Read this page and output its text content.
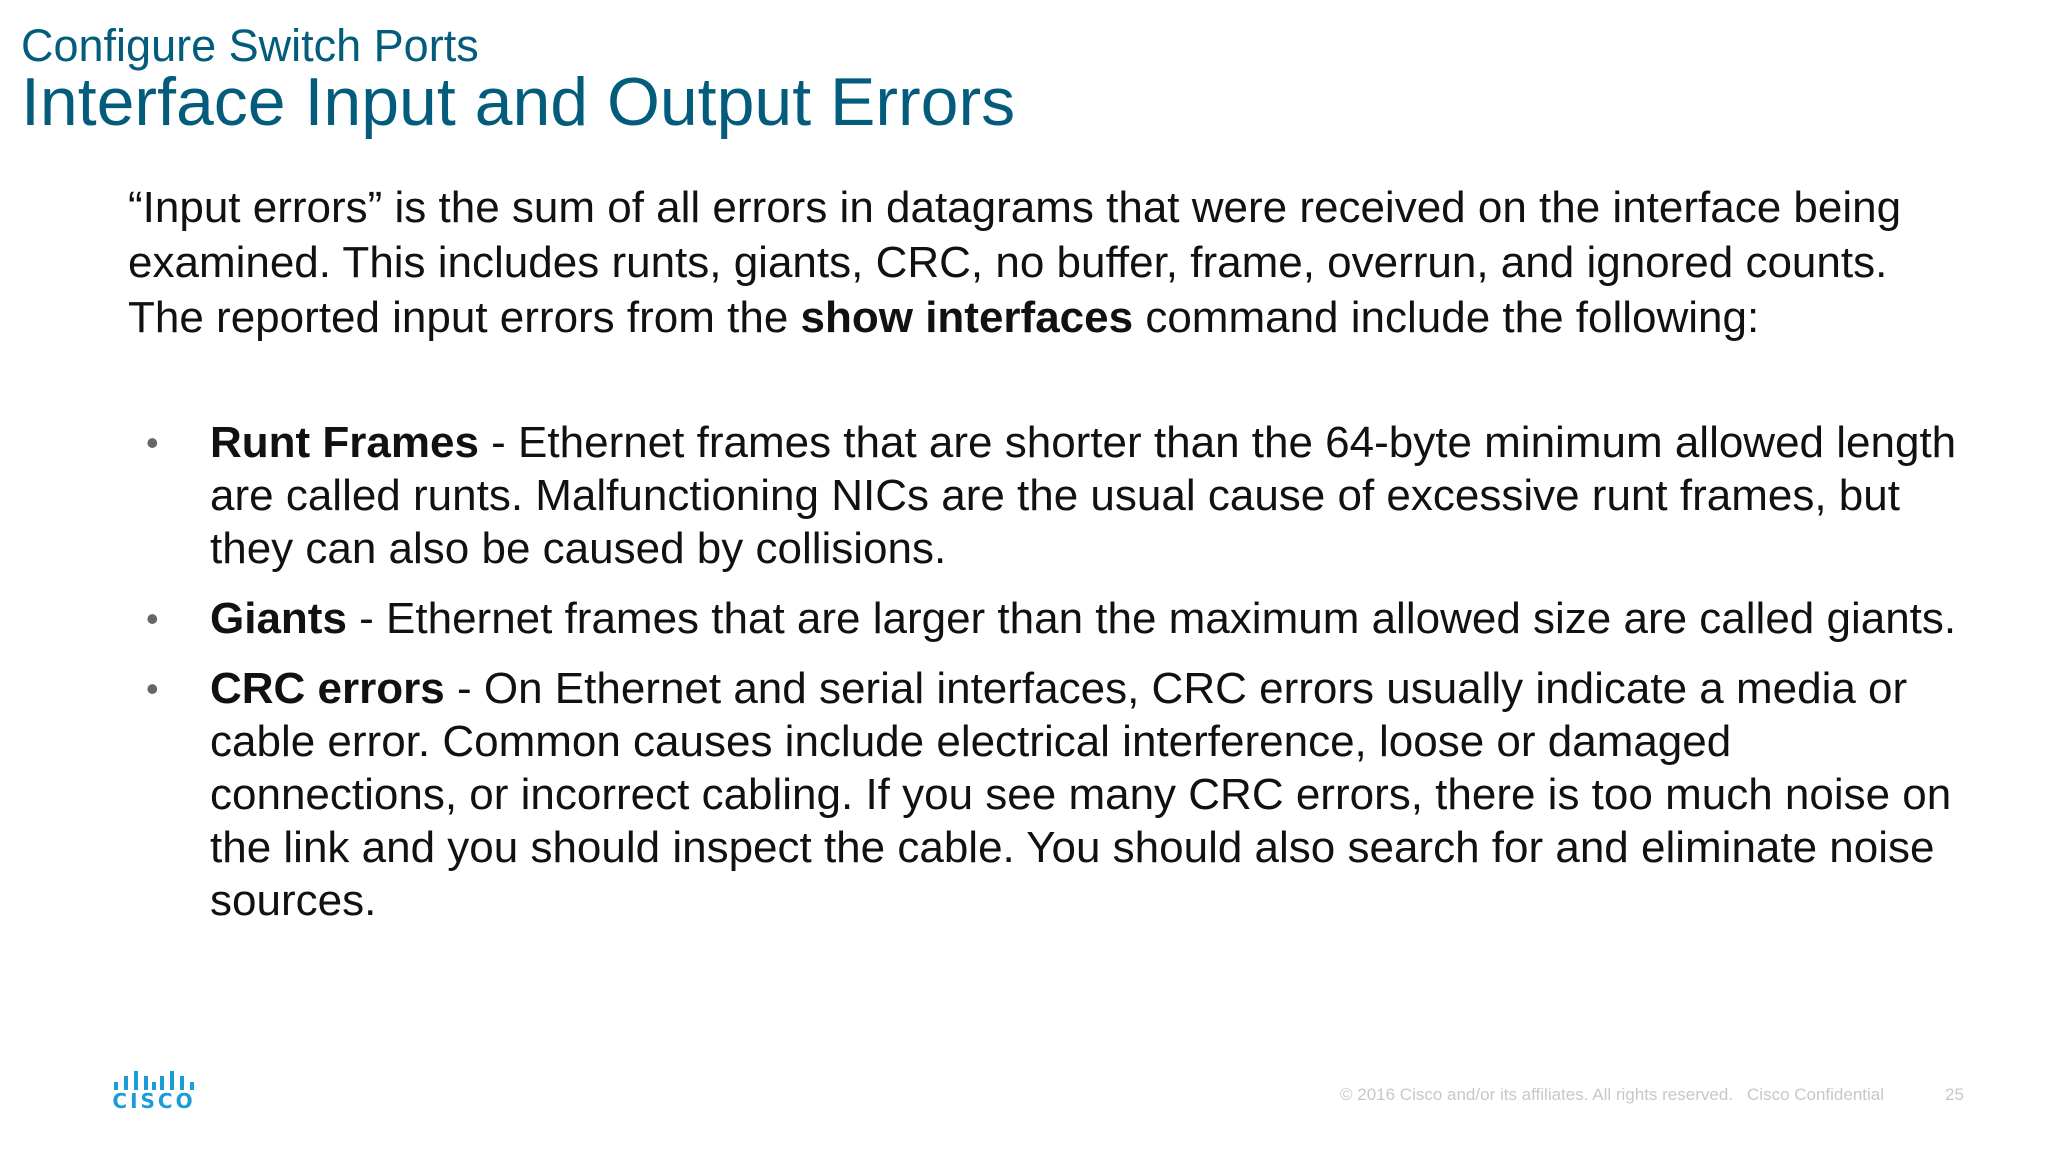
Configure Switch Ports
Interface Input and Output Errors

“Input errors” is the sum of all errors in datagrams that were received on the interface being examined. This includes runts, giants, CRC, no buffer, frame, overrun, and ignored counts. The reported input errors from the show interfaces command include the following:

• Runt Frames - Ethernet frames that are shorter than the 64-byte minimum allowed length are called runts. Malfunctioning NICs are the usual cause of excessive runt frames, but they can also be caused by collisions.
• Giants - Ethernet frames that are larger than the maximum allowed size are called giants.
• CRC errors - On Ethernet and serial interfaces, CRC errors usually indicate a media or cable error. Common causes include electrical interference, loose or damaged connections, or incorrect cabling. If you see many CRC errors, there is too much noise on the link and you should inspect the cable. You should also search for and eliminate noise sources.
CISCO	© 2016 Cisco and/or its affiliates. All rights reserved. Cisco Confidential	25
